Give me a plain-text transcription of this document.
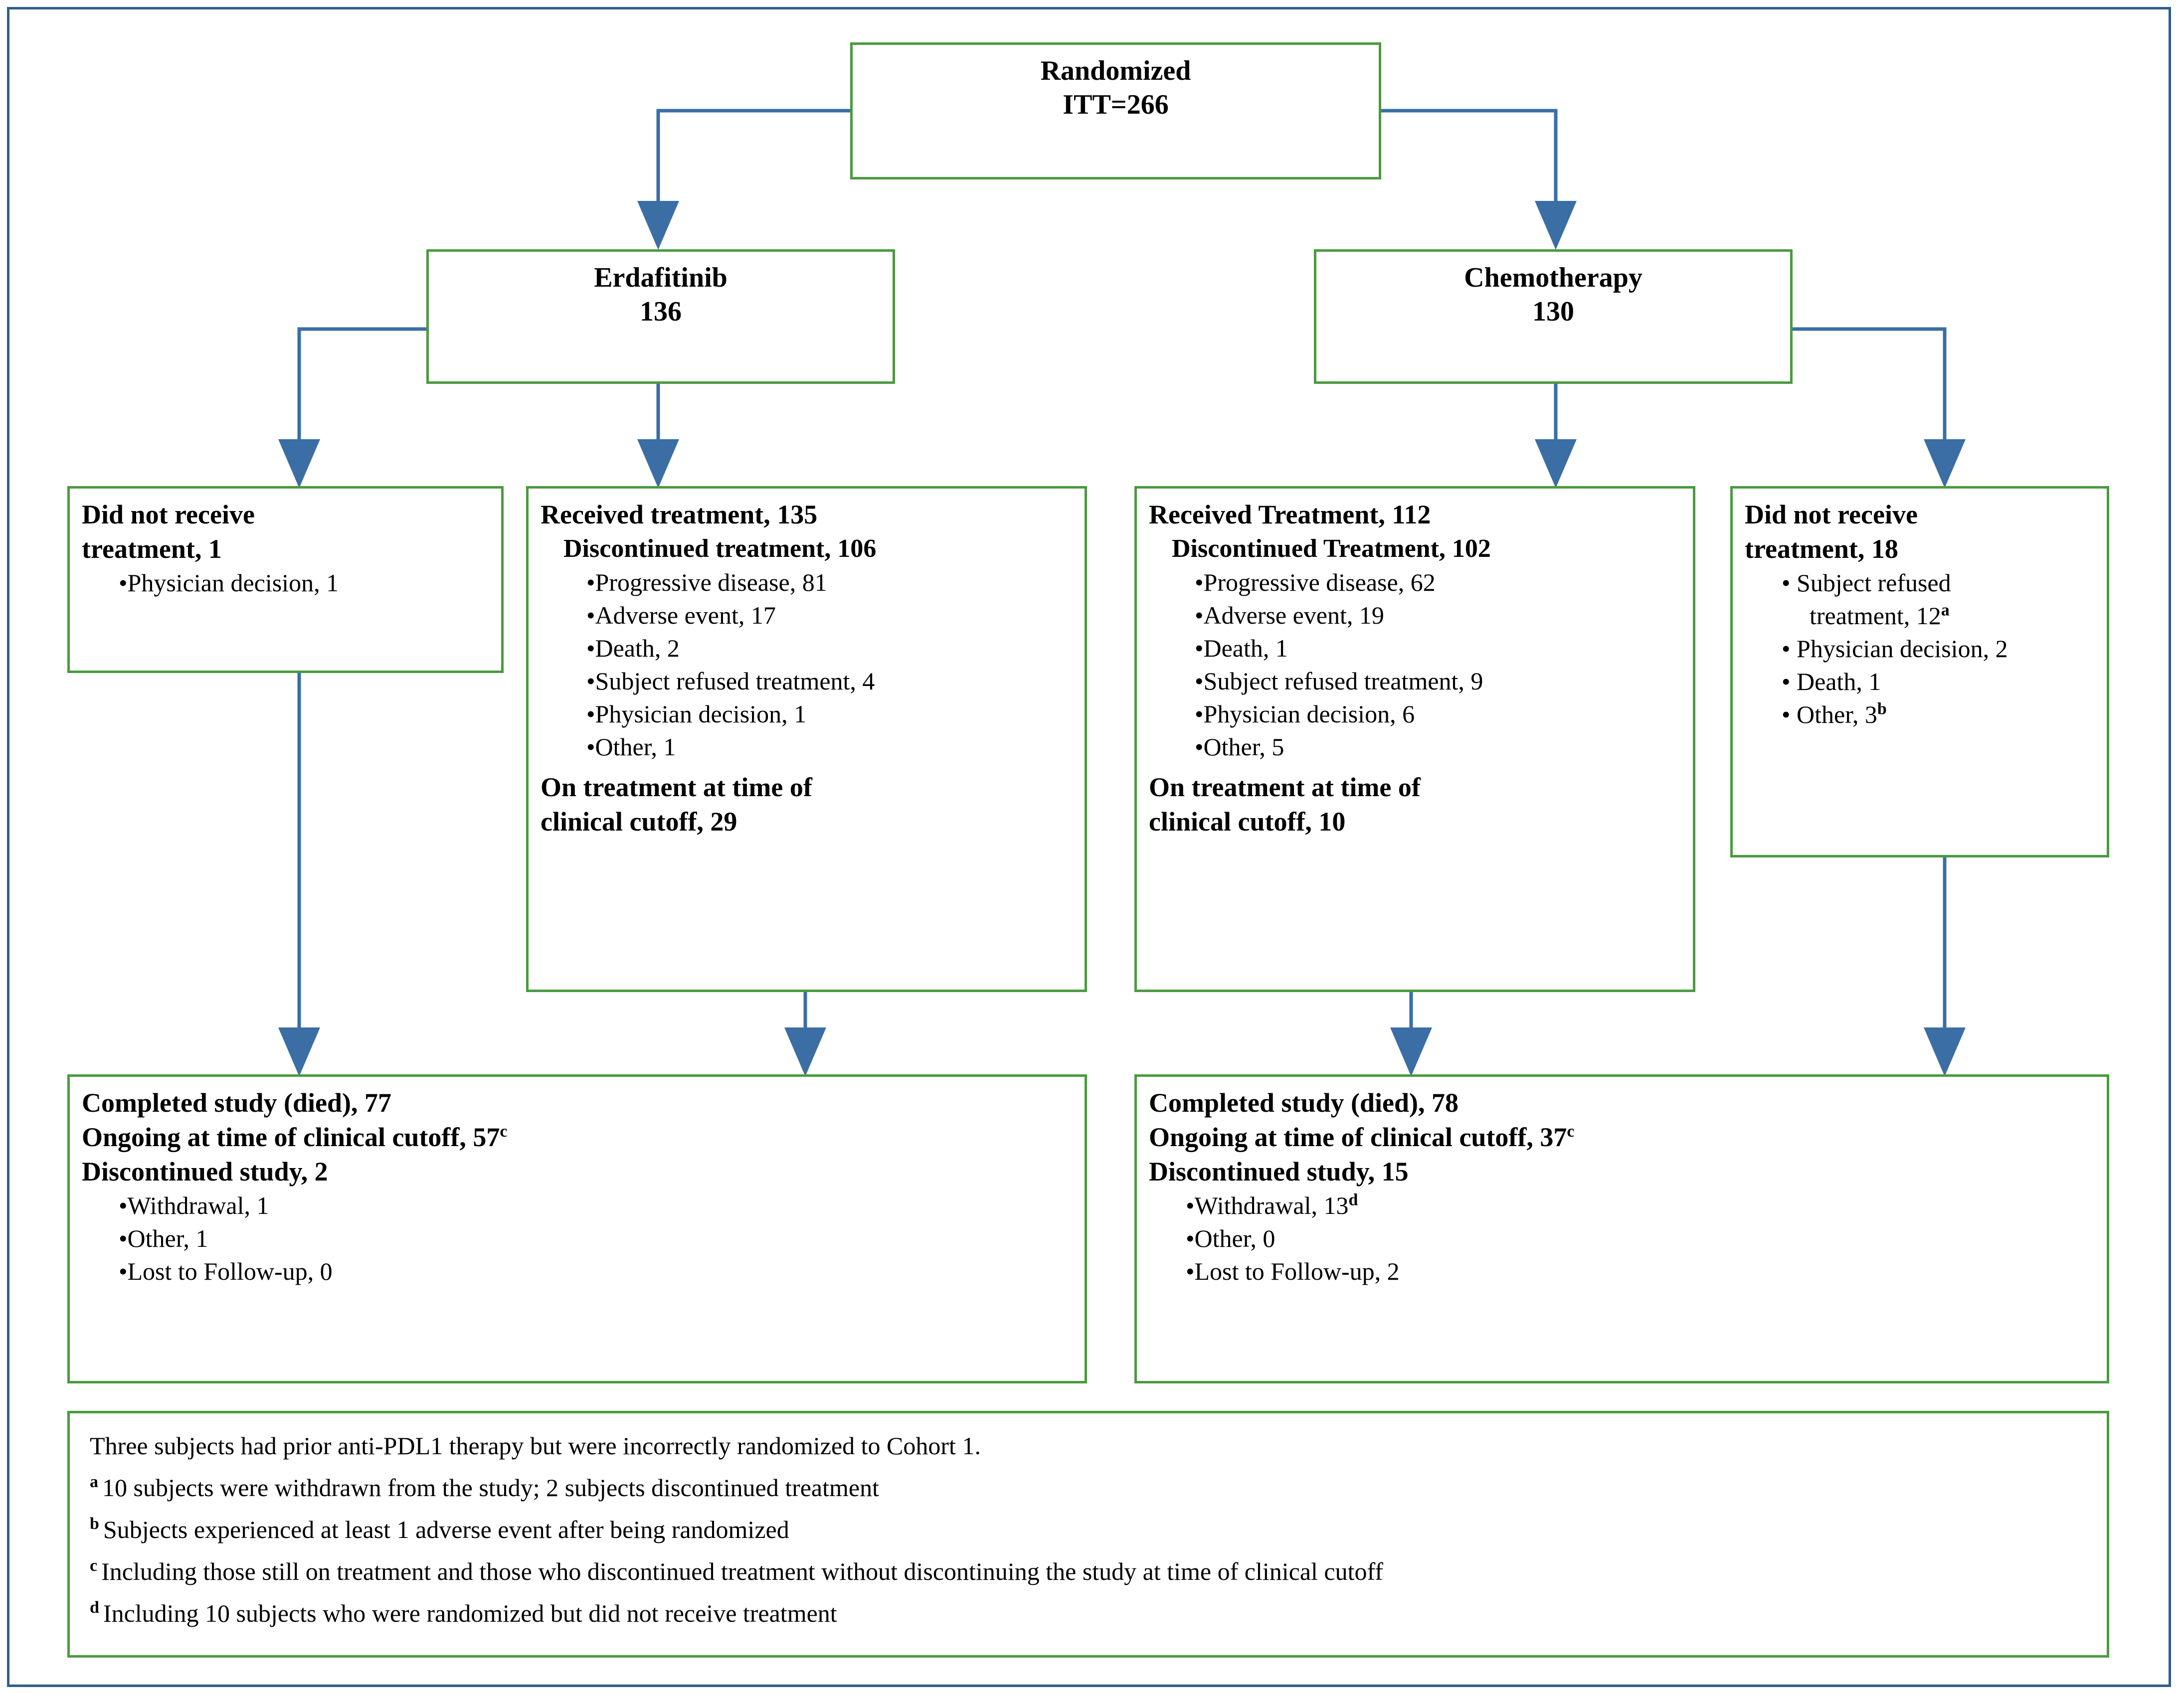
Randomized
ITT=266
Erdafitinib
136
Chemotherapy
130
Did not receive
treatment, 1
•Physician decision, 1
Received treatment, 135
Discontinued treatment, 106
•Progressive disease, 81
•Adverse event, 17
•Death, 2
•Subject refused treatment, 4
•Physician decision, 1
•Other, 1
On treatment at time of
clinical cutoff, 29
Received Treatment, 112
Discontinued Treatment, 102
•Progressive disease, 62
•Adverse event, 19
•Death, 1
•Subject refused treatment, 9
•Physician decision, 6
•Other, 5
On treatment at time of
clinical cutoff, 10
Did not receive
treatment, 18
• Subject refused
treatment, 12$^a$
• Physician decision, 2
• Death, 1
• Other, 3$^b$
Completed study (died), 77
Ongoing at time of clinical cutoff, 57$^c$
Discontinued study, 2
•Withdrawal, 1
•Other, 1
•Lost to Follow-up, 0
Completed study (died), 78
Ongoing at time of clinical cutoff, 37$^c$
Discontinued study, 15
•Withdrawal, 13$^d$
•Other, 0
•Lost to Follow-up, 2
Three subjects had prior anti-PDL1 therapy but were incorrectly randomized to Cohort 1.
$^a$ 10 subjects were withdrawn from the study; 2 subjects discontinued treatment
$^b$ Subjects experienced at least 1 adverse event after being randomized
$^c$ Including those still on treatment and those who discontinued treatment without discontinuing the study at time of clinical cutoff
$^d$ Including 10 subjects who were randomized but did not receive treatment
